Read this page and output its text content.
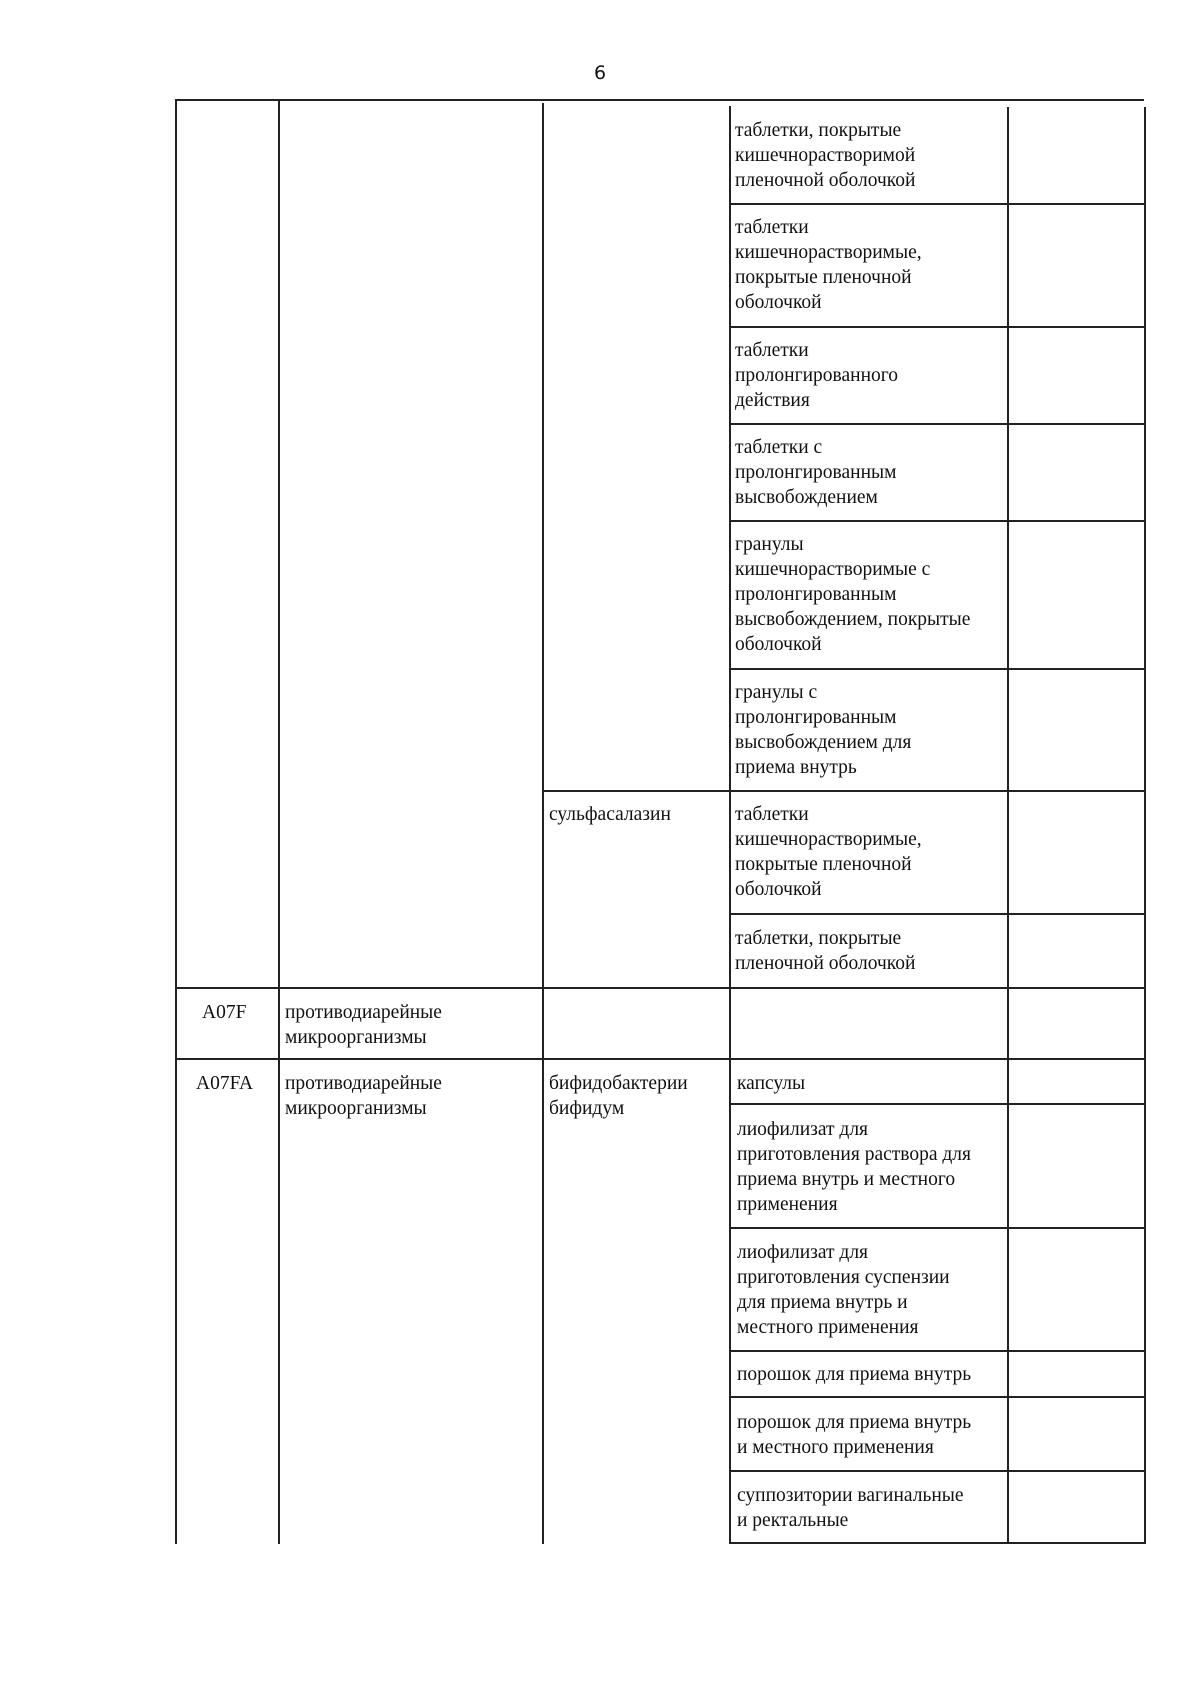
6
таблетки, покрытые
кишечнорастворимой
пленочной оболочкой
таблетки
кишечнорастворимые,
покрытые пленочной
оболочкой
таблетки
пролонгированного
действия
таблетки с
пролонгированным
высвобождением
гранулы
кишечнорастворимые с
пролонгированным
высвобождением, покрытые
оболочкой
гранулы с
пролонгированным
высвобождением для
приема внутрь
сульфасалазин	таблетки
кишечнорастворимые,
покрытые пленочной
оболочкой
таблетки, покрытые
пленочной оболочкой
A07F противодиарейные
микроорганизмы
A07FA противодиарейные
микроорганизмы
бифидобактерии
бифидум
капсулы
лиофилизат для
приготовления раствора для
приема внутрь и местного
применения
лиофилизат для
приготовления суспензии
для приема внутрь и
местного применения
порошок для приема внутрь
порошок для приема внутрь
и местного применения
суппозитории вагинальные
и ректальные
